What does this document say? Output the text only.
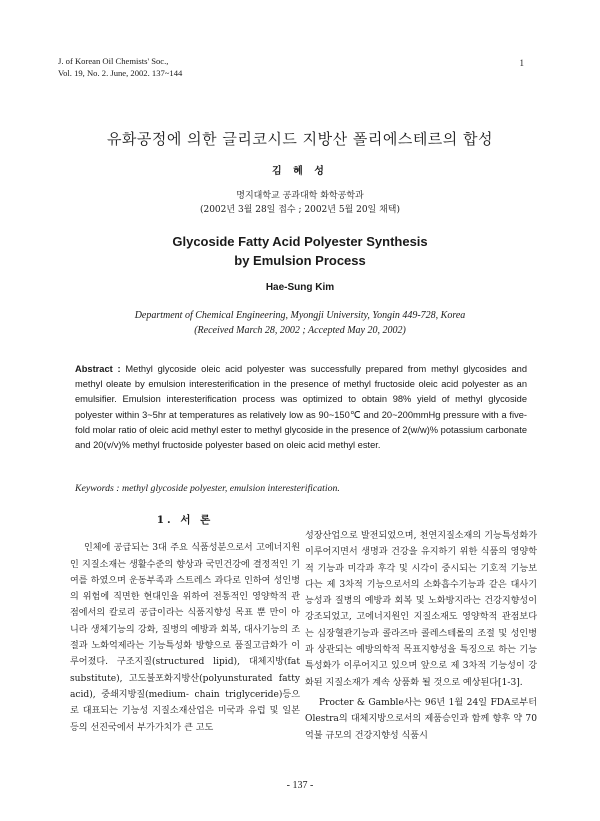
J. of Korean Oil Chemists' Soc.,
Vol. 19, No. 2. June, 2002. 137~144
1
유화공정에 의한 글리코시드 지방산 폴리에스테르의 합성
김 혜 성
명지대학교 공과대학 화학공학과
(2002년 3월 28일 접수 ; 2002년 5월 20일 채택)
Glycoside Fatty Acid Polyester Synthesis
by Emulsion Process
Hae-Sung Kim
Department of Chemical Engineering, Myongji University, Yongin 449-728, Korea
(Received March 28, 2002 ; Accepted May 20, 2002)
Abstract : Methyl glycoside oleic acid polyester was successfully prepared from methyl glycosides and methyl oleate by emulsion interesterification in the presence of methyl fructoside oleic acid polyester as an emulsifier. Emulsion interesterification process was optimized to obtain 98% yield of methyl glycoside polyester within 3~5hr at temperatures as relatively low as 90~150℃ and 20~200mmHg pressure with a five-fold molar ratio of oleic acid methyl ester to methyl glycoside in the presence of 2(w/w)% potassium carbonate and 20(v/v)% methyl fructoside polyester based on oleic acid methyl ester.
Keywords : methyl glycoside polyester, emulsion interesterification.
1. 서 론

인체에 공급되는 3대 주요 식품성분으로서 고에너지원인 지질소재는 생활수준의 향상과 국민건강에 결정적인 기여를 하였으며 운동부족과 스트레스 과다로 인하여 성인병의 위험에 직면한 현대인을 위하여 전통적인 영양학적 관점에서의 칼로리 공급이라는 식품지향성 목표 뿐 만이 아니라 생체기능의 강화, 질병의 예방과 회복, 대사기능의 조절과 노화억제라는 기능특성화 방향으로 품질고급화가 이루어졌다. 구조지질(structured lipid), 대체지방(fat substitute), 고도불포화지방산(polyunsturated fatty acid), 중쇄지방질(medium- chain triglyceride)등으로 대표되는 기능성 지질소재산업은 미국과 유럽 및 일본 등의 선진국에서 부가가치가 큰 고도

성장산업으로 발전되었으며, 천연지질소재의 기능특성화가 이루어지면서 생명과 건강을 유지하기 위한 식품의 영양학적 기능과 미각과 후각 및 시각이 중시되는 기호적 기능보다는 제 3차적 기능으로서의 소화흡수기능과 같은 대사기능성과 질병의 예방과 회복 및 노화방지라는 건강지향성이 강조되었고, 고에너지원인 지질소재도 영양학적 관점보다는 심장혈관기능과 콜라즈마 콜레스테롤의 조절 및 성인병과 상관되는 예방의학적 목표지향성을 특징으로 하는 기능특성화가 이루어지고 있으며 앞으로 제 3차적 기능성이 강화된 지질소재가 계속 상품화 될 것으로 예상된다[1-3].

Procter & Gamble사는 96년 1월 24일 FDA로부터 Olestra의 대체지방으로서의 제품승인과 함께 향후 약 70억불 규모의 건강지향성 식품시

- 137 -
